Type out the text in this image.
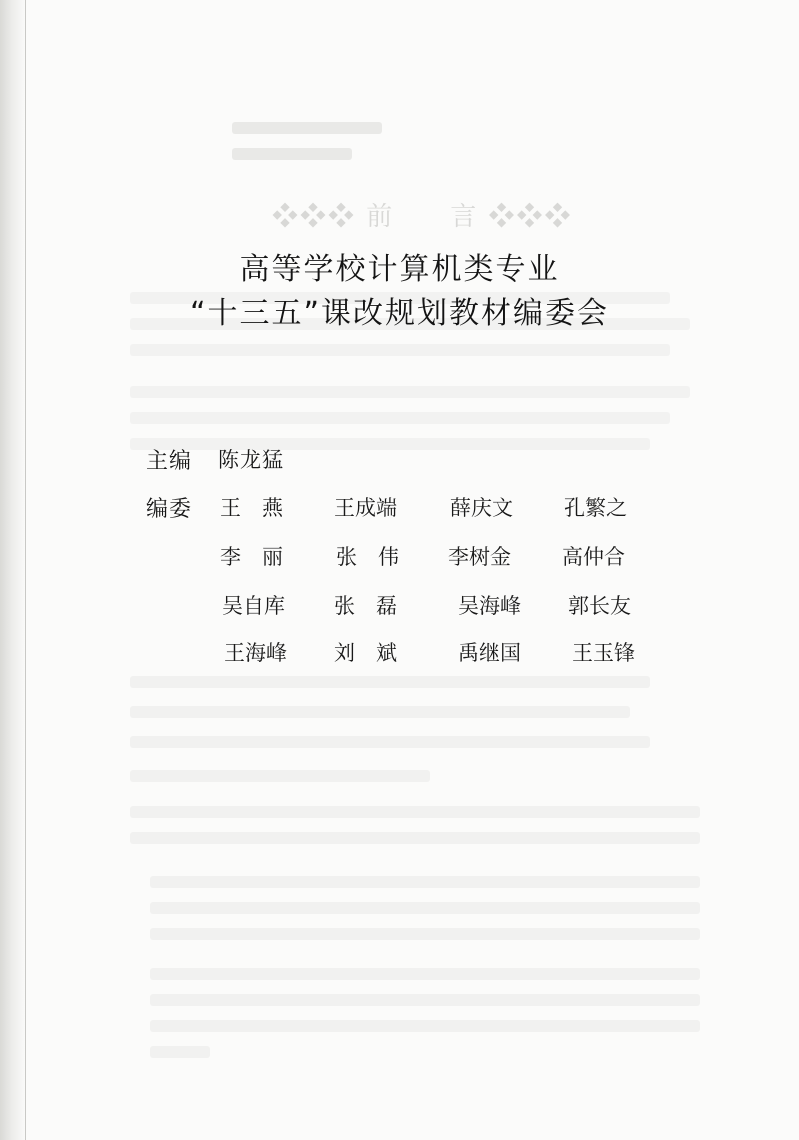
❖❖❖ 前　　言 ❖❖❖
高等学校计算机类专业
“十三五”课改规划教材编委会
主编 陈龙猛
编委 王　燕 王成端	薛庆文 孔繁之
李　丽	张　伟 李树金 高仲合
吴自库 张　磊	吴海峰 郭长友
王海峰 刘　斌	禹继国 王玉锋
